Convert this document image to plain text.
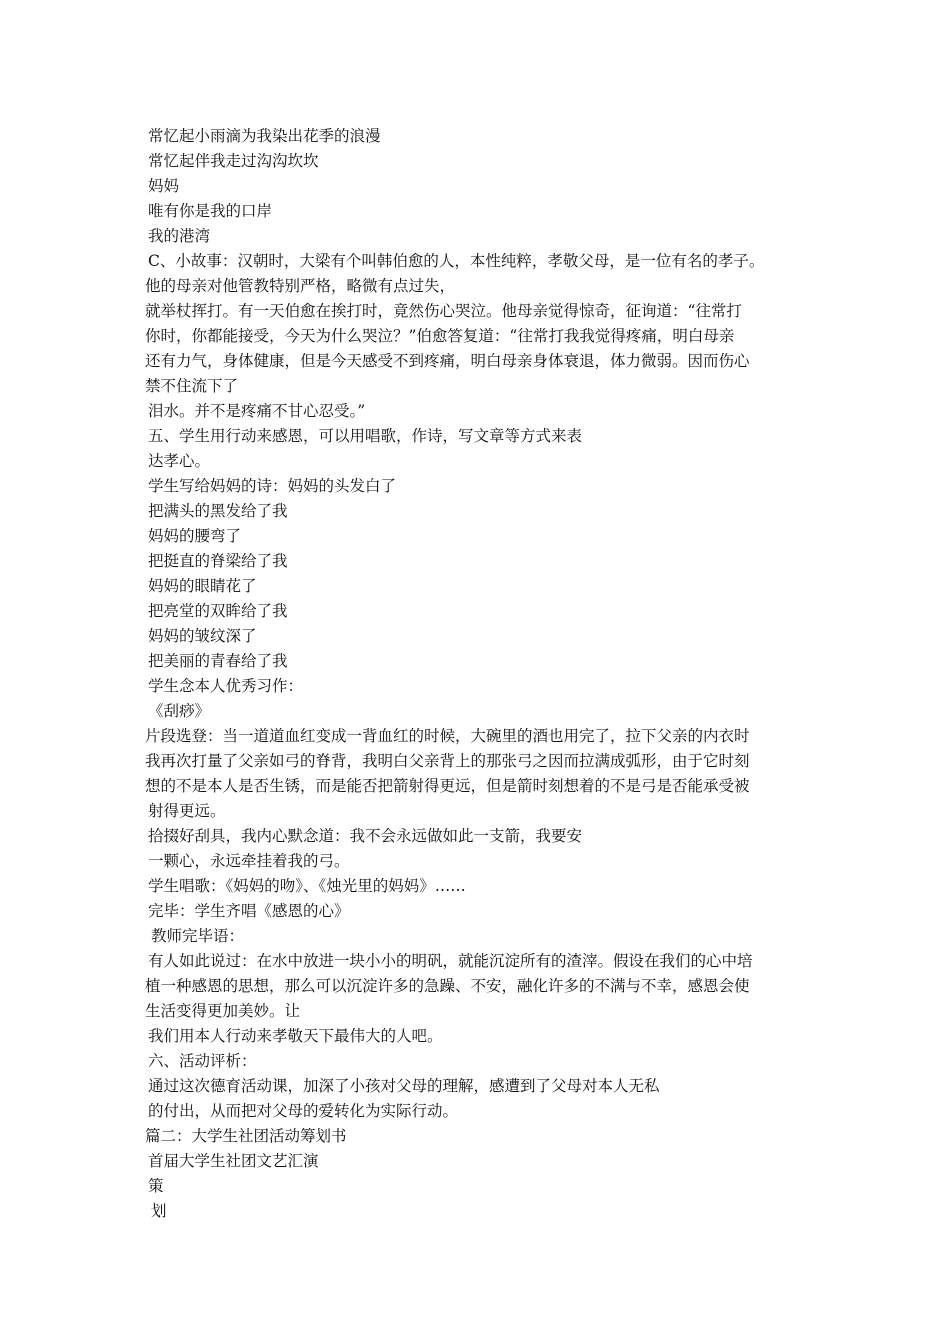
常忆起小雨滴为我染出花季的浪漫
常忆起伴我走过沟沟坎坎
妈妈
唯有你是我的口岸
我的港湾
C、小故事：汉朝时，大梁有个叫韩伯愈的人，本性纯粹，孝敬父母，是一位有名的孝子。
他的母亲对他管教特别严格，略微有点过失，
就举杖挥打。有一天伯愈在挨打时，竟然伤心哭泣。他母亲觉得惊奇，征询道：“往常打
你时，你都能接受，今天为什么哭泣？”伯愈答复道：“往常打我我觉得疼痛，明白母亲
还有力气，身体健康，但是今天感受不到疼痛，明白母亲身体衰退，体力微弱。因而伤心
禁不住流下了
泪水。并不是疼痛不甘心忍受。”
五、学生用行动来感恩，可以用唱歌，作诗，写文章等方式来表
达孝心。
学生写给妈妈的诗：妈妈的头发白了
把满头的黑发给了我
妈妈的腰弯了
把挺直的脊梁给了我
妈妈的眼睛花了
把亮堂的双眸给了我
妈妈的皱纹深了
把美丽的青春给了我
学生念本人优秀习作：
《刮痧》
片段选登：当一道道血红变成一背血红的时候，大碗里的酒也用完了，拉下父亲的内衣时
我再次打量了父亲如弓的脊背，我明白父亲背上的那张弓之因而拉满成弧形，由于它时刻
想的不是本人是否生锈，而是能否把箭射得更远，但是箭时刻想着的不是弓是否能承受被
射得更远。
拾掇好刮具，我内心默念道：我不会永远做如此一支箭，我要安
一颗心，永远牵挂着我的弓。
学生唱歌：《妈妈的吻》、《烛光里的妈妈》……
完毕：学生齐唱《感恩的心》
教师完毕语：
有人如此说过：在水中放进一块小小的明矾，就能沉淀所有的渣滓。假设在我们的心中培
植一种感恩的思想，那么可以沉淀许多的急躁、不安，融化许多的不满与不幸，感恩会使
生活变得更加美妙。让
我们用本人行动来孝敬天下最伟大的人吧。
六、活动评析：
通过这次德育活动课，加深了小孩对父母的理解，感遭到了父母对本人无私
的付出，从而把对父母的爱转化为实际行动。
篇二：大学生社团活动筹划书
首届大学生社团文艺汇演
策
划
